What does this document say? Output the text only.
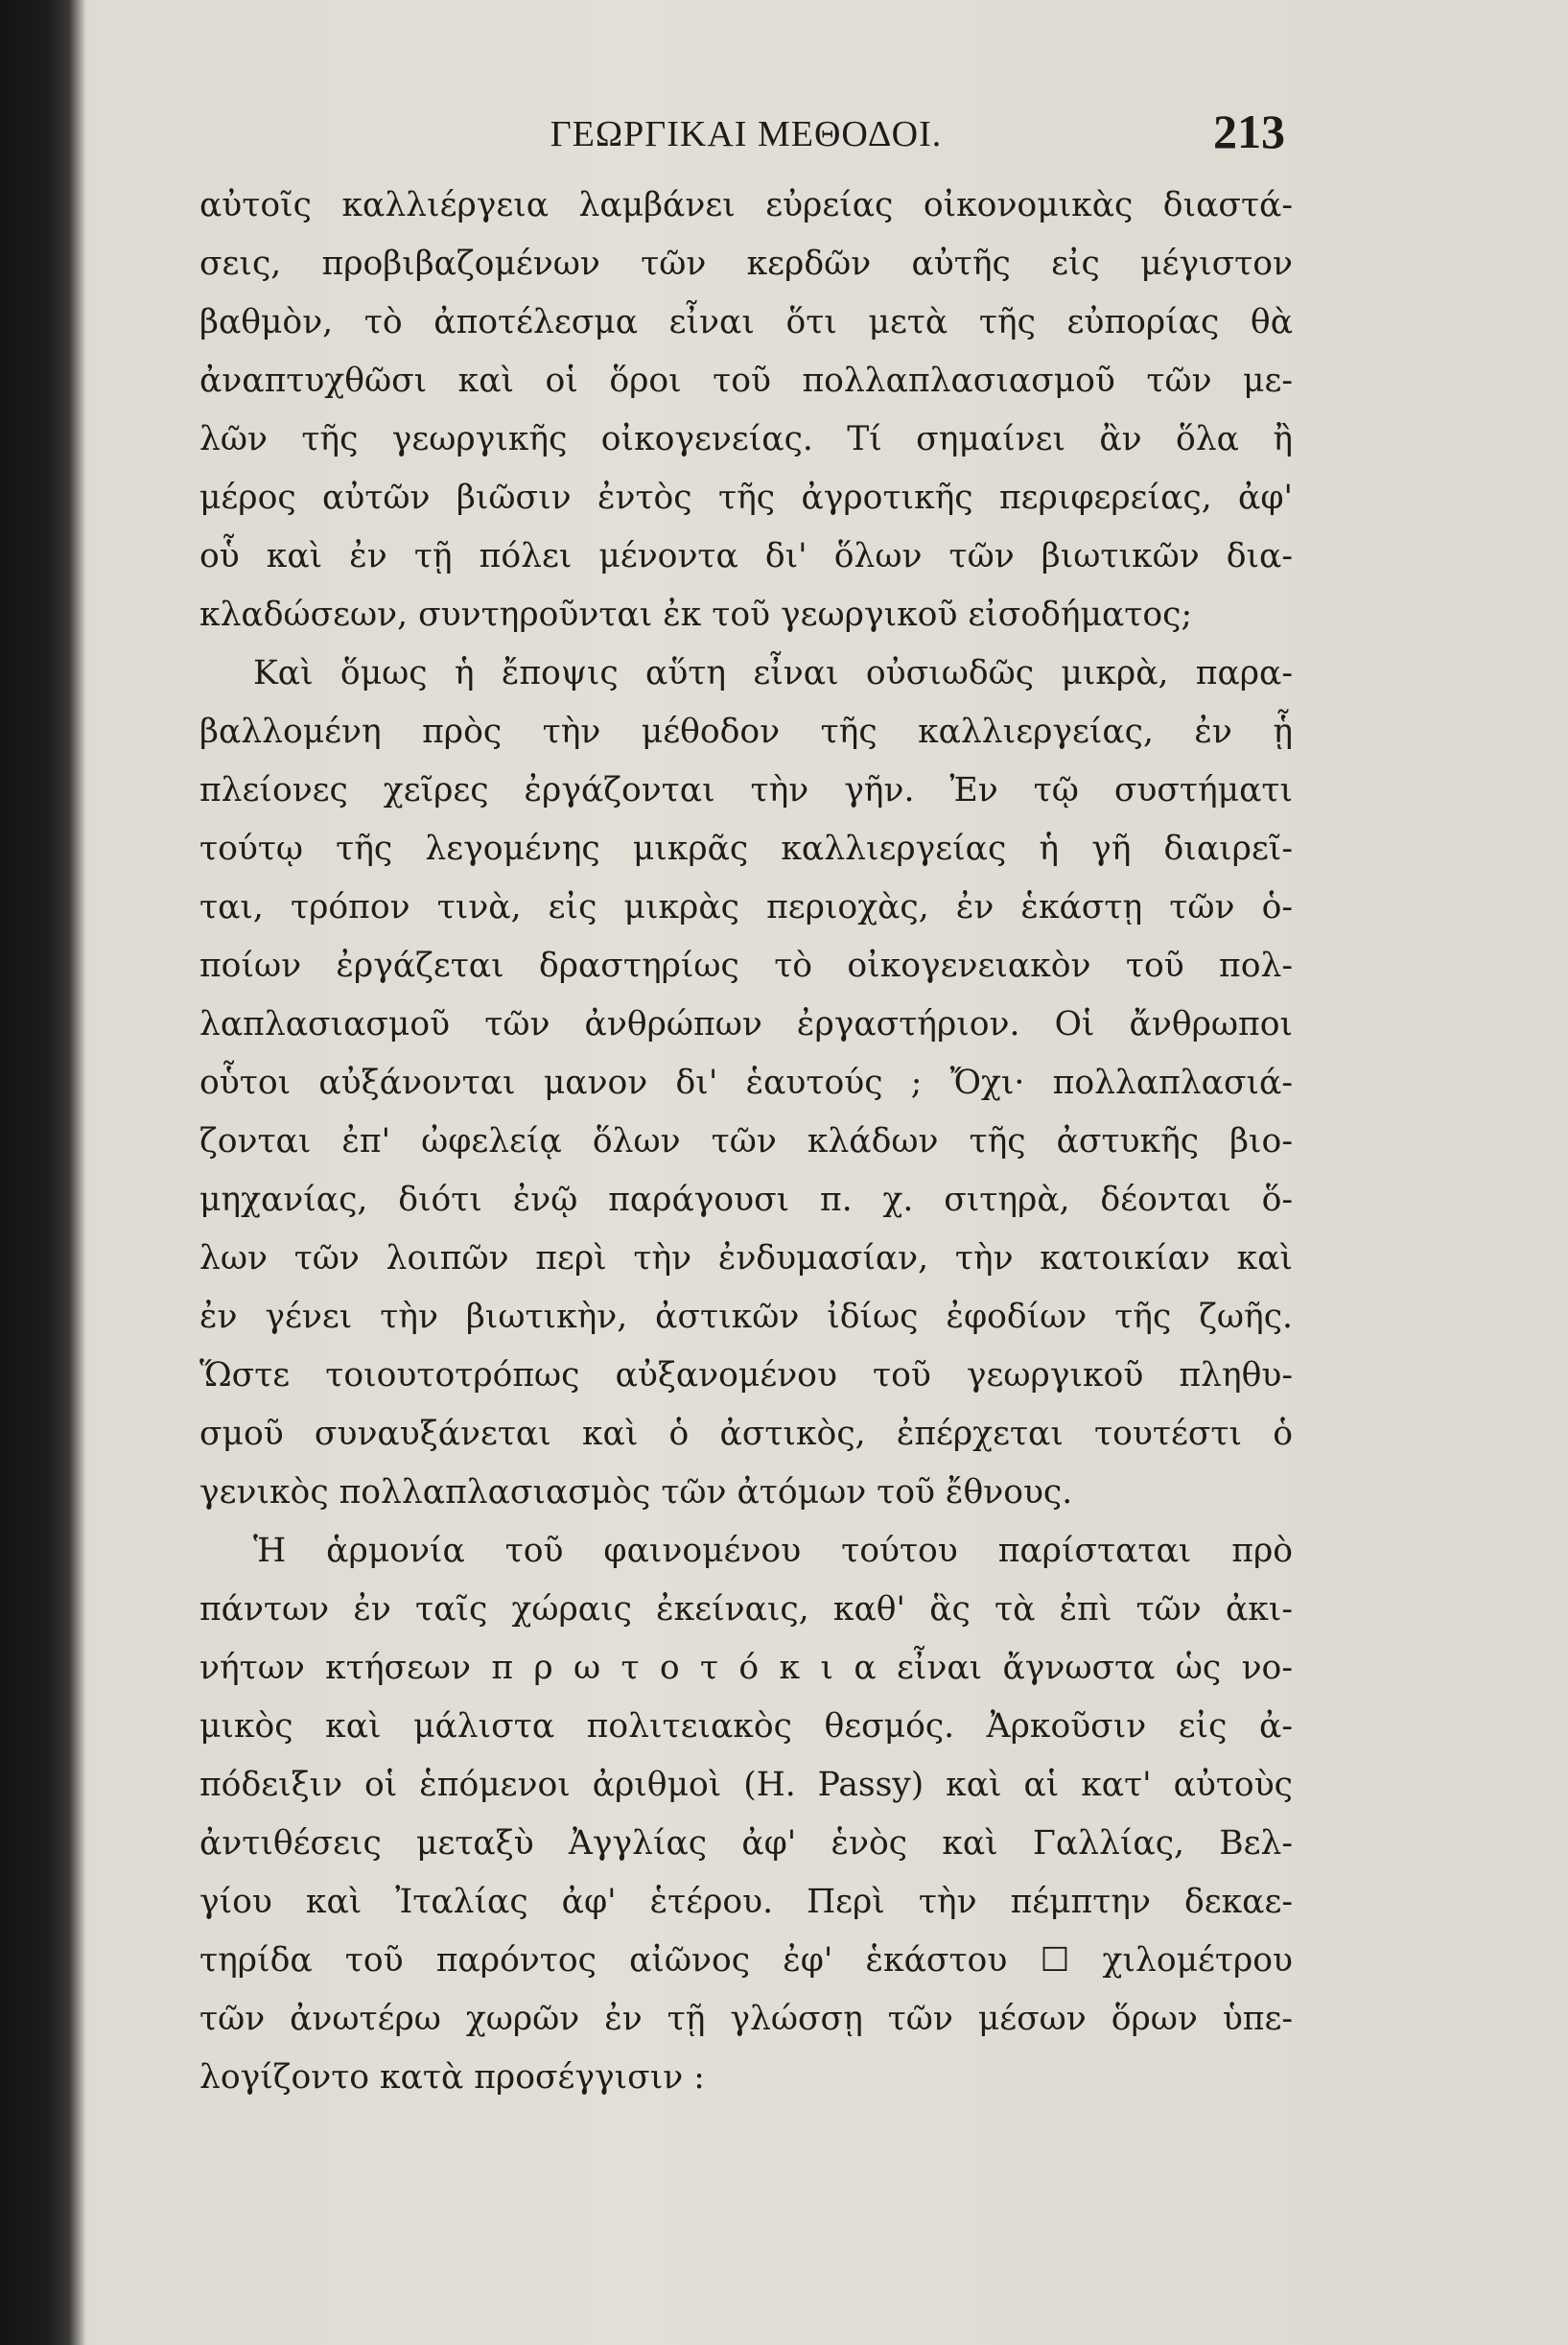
ΓΕΩΡΓΙΚΑΙ ΜΕΘΟΔΟΙ.	213

αὐτοῖς καλλιέργεια λαμβάνει εὐρείας οἰκονομικὰς διαστά-

σεις, προβιβαζομένων τῶν κερδῶν αὐτῆς εἰς μέγιστον

βαθμὸν, τὸ ἀποτέλεσμα εἶναι ὅτι μετὰ τῆς εὐπορίας θὰ

ἀναπτυχθῶσι καὶ οἱ ὅροι τοῦ πολλαπλασιασμοῦ τῶν με-

λῶν τῆς γεωργικῆς οἰκογενείας. Τί σημαίνει ἂν ὅλα ἢ

μέρος αὐτῶν βιῶσιν ἐντὸς τῆς ἀγροτικῆς περιφερείας, ἀφ'

οὗ καὶ ἐν τῇ πόλει μένοντα δι' ὅλων τῶν βιωτικῶν δια-

κλαδώσεων, συντηροῦνται ἐκ τοῦ γεωργικοῦ εἰσοδήματος;

Καὶ ὅμως ἡ ἔποψις αὕτη εἶναι οὐσιωδῶς μικρὰ, παρα-

βαλλομένη πρὸς τὴν μέθοδον τῆς καλλιεργείας, ἐν ᾗ

πλείονες χεῖρες ἐργάζονται τὴν γῆν. Ἐν τῷ συστήματι

τούτῳ τῆς λεγομένης μικρᾶς καλλιεργείας ἡ γῆ διαιρεῖ-

ται, τρόπον τινὰ, εἰς μικρὰς περιοχὰς, ἐν ἑκάστῃ τῶν ὁ-

ποίων ἐργάζεται δραστηρίως τὸ οἰκογενειακὸν τοῦ πολ-

λαπλασιασμοῦ τῶν ἀνθρώπων ἐργαστήριον. Οἱ ἄνθρωποι

οὗτοι αὐξάνονται μανον δι' ἑαυτούς ; Ὄχι· πολλαπλασιά-

ζονται ἐπ' ὠφελείᾳ ὅλων τῶν κλάδων τῆς ἀστυκῆς βιο-

μηχανίας, διότι ἐνῷ παράγουσι π. χ. σιτηρὰ, δέονται ὅ-

λων τῶν λοιπῶν περὶ τὴν ἐνδυμασίαν, τὴν κατοικίαν καὶ

ἐν γένει τὴν βιωτικὴν, ἀστικῶν ἰδίως ἐφοδίων τῆς ζωῆς.

Ὥστε τοιουτοτρόπως αὐξανομένου τοῦ γεωργικοῦ πληθυ-

σμοῦ συναυξάνεται καὶ ὁ ἀστικὸς, ἐπέρχεται τουτέστι ὁ

γενικὸς πολλαπλασιασμὸς τῶν ἀτόμων τοῦ ἔθνους.

Ἡ ἁρμονία τοῦ φαινομένου τούτου παρίσταται πρὸ

πάντων ἐν ταῖς χώραις ἐκείναις, καθ' ἃς τὰ ἐπὶ τῶν ἀκι-

νήτων κτήσεων π ρ ω τ ο τ ό κ ι α εἶναι ἄγνωστα ὡς νο-

μικὸς καὶ μάλιστα πολιτειακὸς θεσμός. Ἀρκοῦσιν εἰς ἀ-

πόδειξιν οἱ ἑπόμενοι ἀριθμοὶ (H. Passy) καὶ αἱ κατ' αὐτοὺς

ἀντιθέσεις μεταξὺ Ἀγγλίας ἀφ' ἑνὸς καὶ Γαλλίας, Βελ-

γίου καὶ Ἰταλίας ἀφ' ἑτέρου. Περὶ τὴν πέμπτην δεκαε-

τηρίδα τοῦ παρόντος αἰῶνος ἐφ' ἑκάστου ☐ χιλομέτρου

τῶν ἀνωτέρω χωρῶν ἐν τῇ γλώσσῃ τῶν μέσων ὅρων ὑπε-

λογίζοντο κατὰ προσέγγισιν :
